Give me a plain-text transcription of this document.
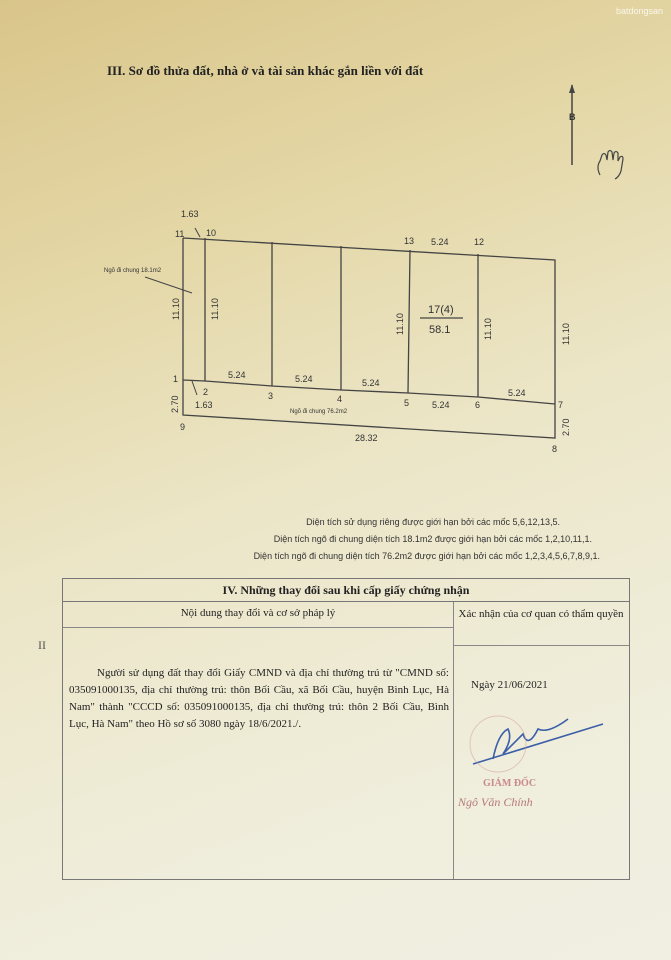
batdongsan
III. Sơ đồ thửa đất, nhà ở và tài sản khác gắn liền với đất
B
11 10
13	12
5.24
1.63
Ngõ đi chung 18.1m2
1
2	3	4	5	6	7
8
9
1.63
5.24	5.24	5.24
5.24
5.24
Ngõ đi chung 76.2m2
28.32
17(4)
58.1
11.10	11.10
11.10	11.10	11.10
2.70
2.70
Diện tích sử dụng riêng được giới hạn bởi các mốc 5,6,12,13,5.
Diện tích ngõ đi chung diện tích 18.1m2 được giới hạn bởi các mốc 1,2,10,11,1.
Diện tích ngõ đi chung diện tích 76.2m2 được giới hạn bởi các mốc 1,2,3,4,5,6,7,8,9,1.
II
IV. Những thay đổi sau khi cấp giấy chứng nhận
Nội dung thay đổi và cơ sở pháp lý	Xác nhận của cơ quan có thẩm quyền
Người sử dụng đất thay đổi Giấy CMND và địa chỉ thường trú từ "CMND số: 035091000135, địa chỉ thường trú: thôn Bối Cầu, xã Bối Cầu, huyện Bình Lục, Hà Nam" thành "CCCD số: 035091000135, địa chỉ thường trú: thôn 2 Bối Cầu, Bình Lục, Hà Nam" theo Hồ sơ số 3080 ngày 18/6/2021./.
Ngày 21/06/2021
GIÁM ĐỐC
Ngô Văn Chính
